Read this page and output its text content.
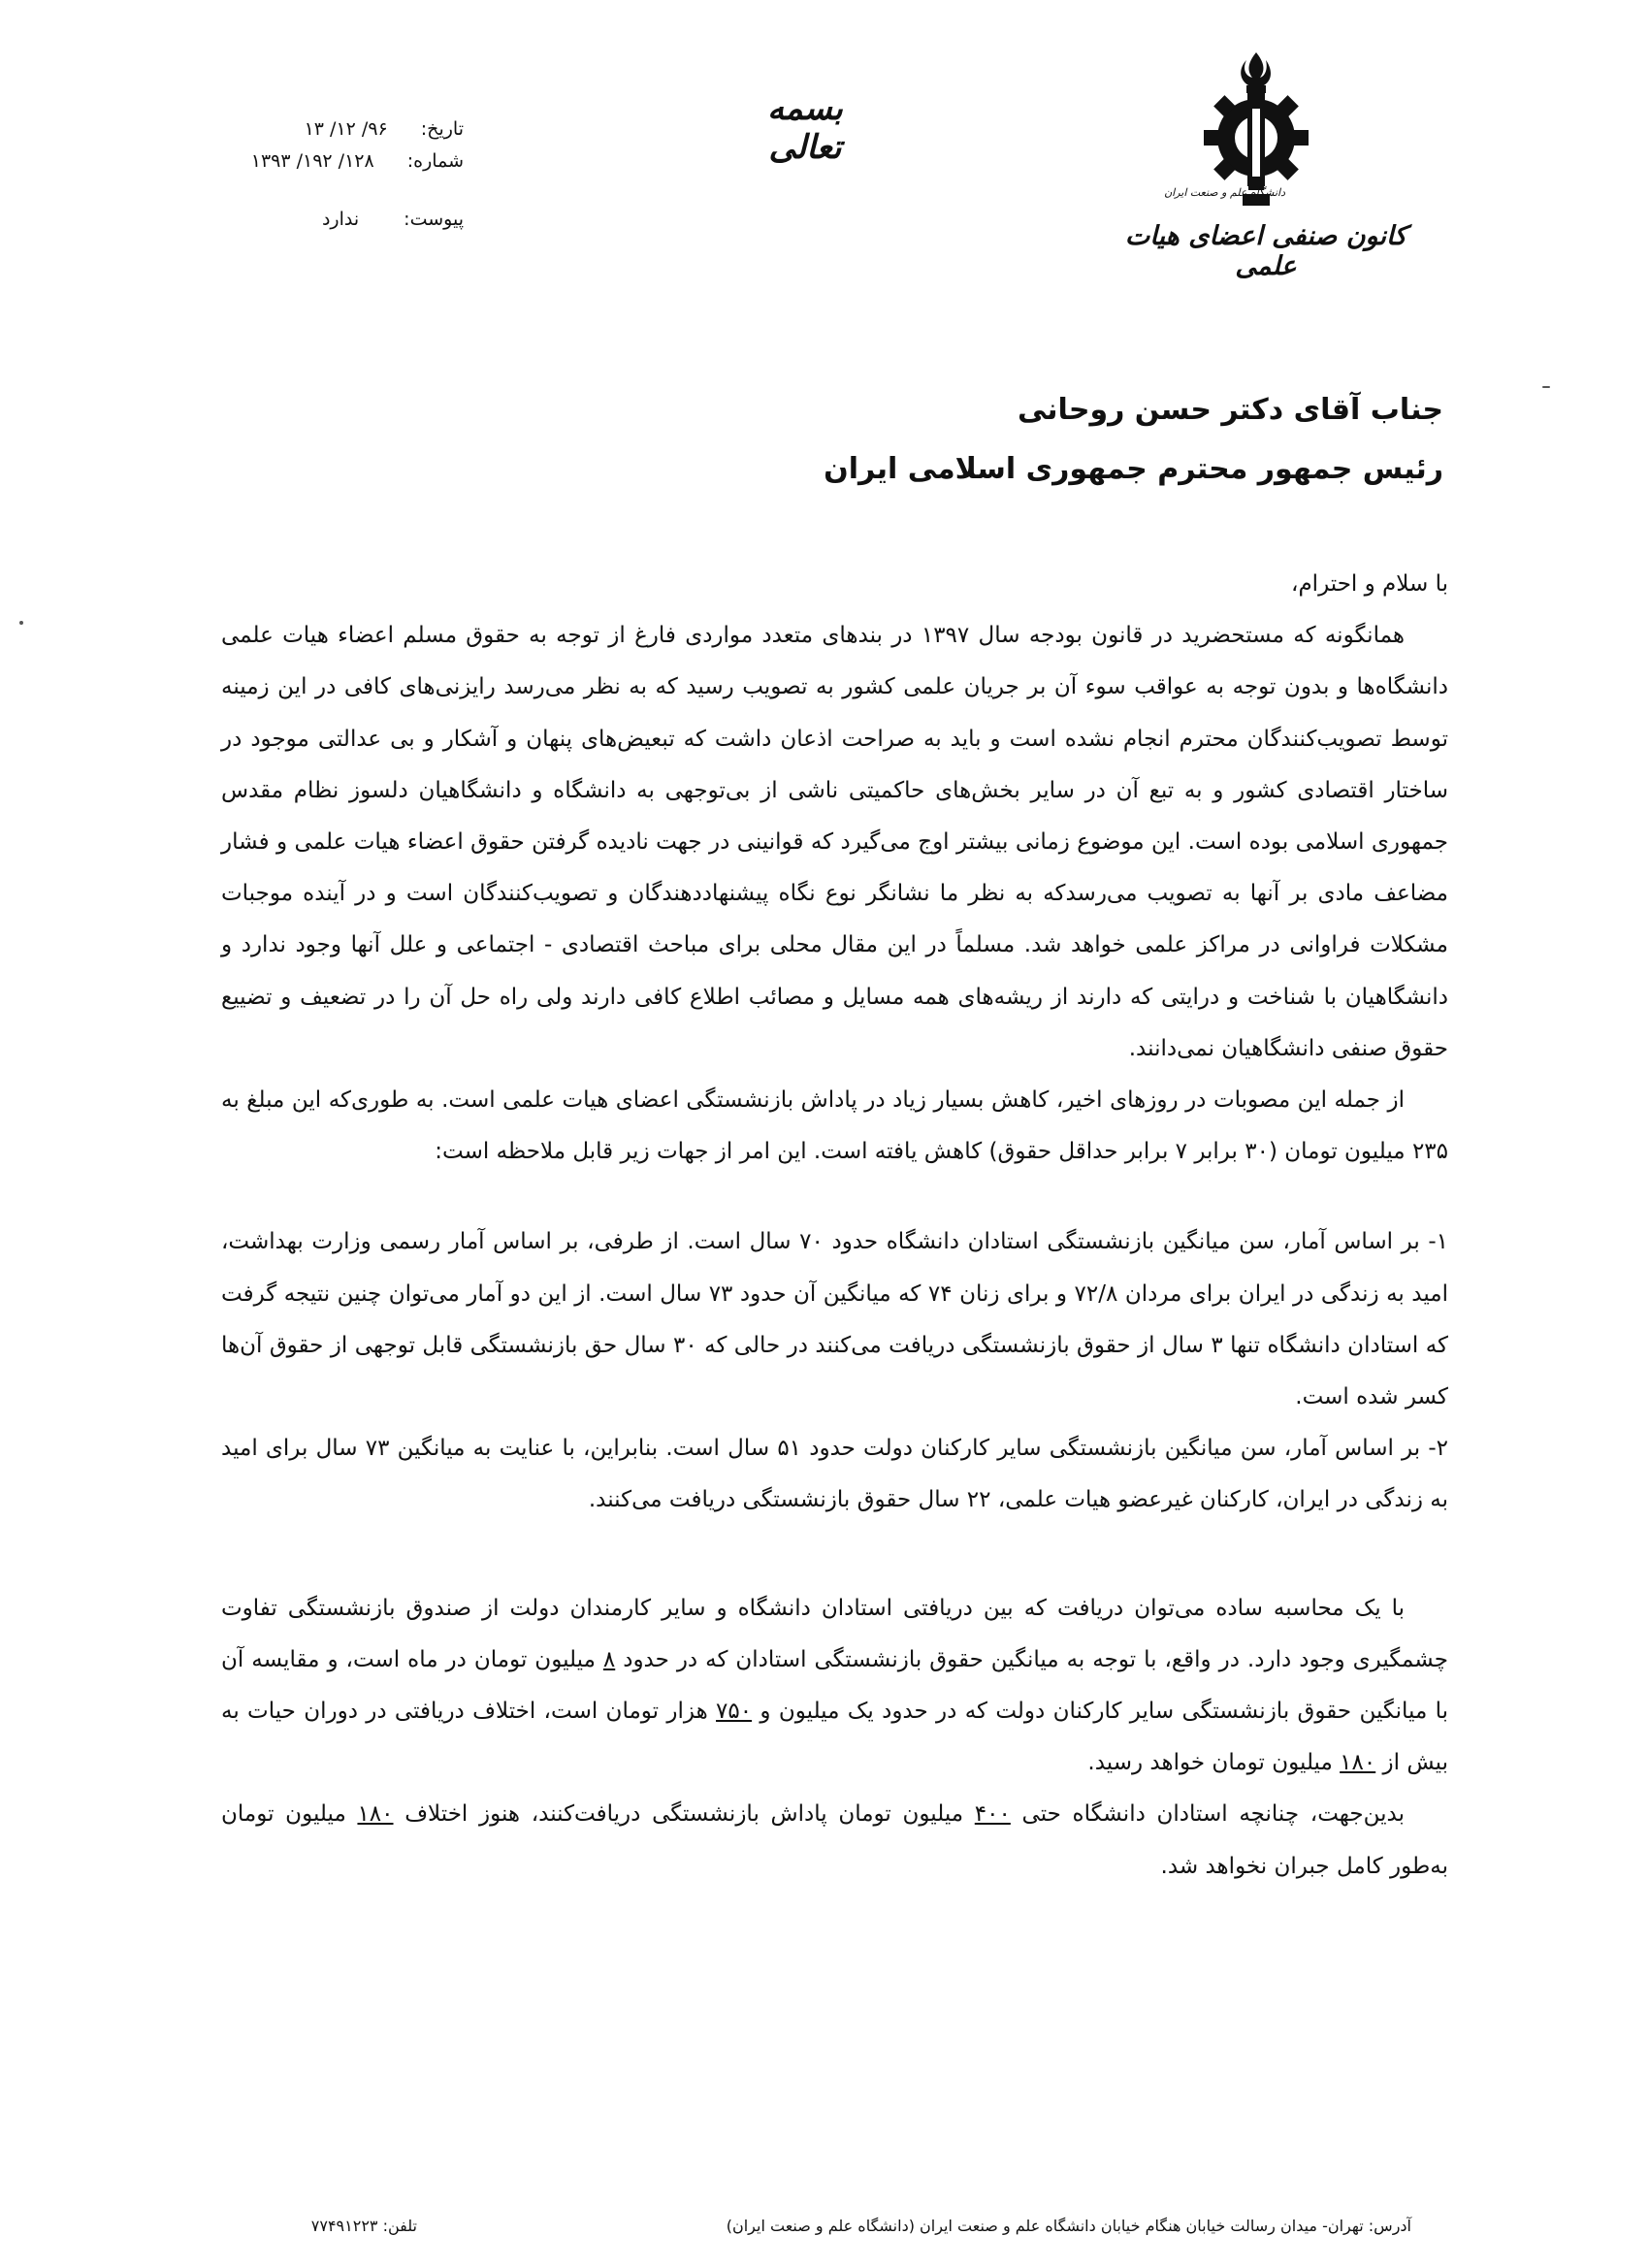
تاریخ: ۹۶/ ۱۲/ ۱۳
شماره: ۱۲۸/ ۱۹۲/ ۱۳۹۳
پیوست: ندارد
بسمه تعالی
دانشگاه علم و صنعت ایران
کانون صنفی اعضای هیات علمی
جناب آقای دکتر حسن روحانی
رئیس جمهور محترم جمهوری اسلامی ایران

با سلام و احترام،

همانگونه که مستحضرید در قانون بودجه سال ۱۳۹۷ در بندهای متعدد مواردی فارغ از توجه به حقوق مسلم اعضاء هیات علمی دانشگاه‌ها و بدون توجه به عواقب سوء آن بر جریان علمی کشور به تصویب رسید که به نظر می‌رسد رایزنی‌های کافی در این زمینه توسط تصویب‌کنندگان محترم انجام نشده است و باید به صراحت اذعان داشت که تبعیض‌های پنهان و آشکار و بی عدالتی موجود در ساختار اقتصادی کشور و به تبع آن در سایر بخش‌های حاکمیتی ناشی از بی‌توجهی به دانشگاه و دانشگاهیان دلسوز نظام مقدس جمهوری اسلامی بوده است. این موضوع زمانی بیشتر اوج می‌گیرد که قوانینی در جهت نادیده گرفتن حقوق اعضاء هیات علمی و فشار مضاعف مادی بر آنها به تصویب می‌رسدکه به نظر ما نشانگر نوع نگاه پیشنهاددهندگان و تصویب‌کنندگان است و در آینده موجبات مشکلات فراوانی در مراکز علمی خواهد شد. مسلماً در این مقال محلی برای مباحث اقتصادی - اجتماعی و علل آنها وجود ندارد و دانشگاهیان با شناخت و درایتی که دارند از ریشه‌های همه مسایل و مصائب اطلاع کافی دارند ولی راه حل آن را در تضعیف و تضییع حقوق صنفی دانشگاهیان نمی‌دانند.

از جمله این مصوبات در روزهای اخیر، کاهش بسیار زیاد در پاداش بازنشستگی اعضای هیات علمی است. به طوری‌که این مبلغ به ۲۳۵ میلیون تومان (۳۰ برابر ۷ برابر حداقل حقوق) کاهش یافته است. این امر از جهات زیر قابل ملاحظه است:

۱- بر اساس آمار، سن میانگین بازنشستگی استادان دانشگاه حدود ۷۰ سال است. از طرفی، بر اساس آمار رسمی وزارت بهداشت، امید به زندگی در ایران برای مردان ۷۲/۸ و برای زنان ۷۴ که میانگین آن حدود ۷۳ سال است. از این دو آمار می‌توان چنین نتیجه گرفت که استادان دانشگاه تنها ۳ سال از حقوق بازنشستگی دریافت می‌کنند در حالی که ۳۰ سال حق بازنشستگی قابل توجهی از حقوق آن‌ها کسر شده است.

۲- بر اساس آمار، سن میانگین بازنشستگی سایر کارکنان دولت حدود ۵۱ سال است. بنابراین، با عنایت به میانگین ۷۳ سال برای امید به زندگی در ایران، کارکنان غیرعضو هیات علمی، ۲۲ سال حقوق بازنشستگی دریافت می‌کنند.

با یک محاسبه ساده می‌توان دریافت که بین دریافتی استادان دانشگاه و سایر کارمندان دولت از صندوق بازنشستگی تفاوت چشمگیری وجود دارد. در واقع، با توجه به میانگین حقوق بازنشستگی استادان که در حدود ۸ میلیون تومان در ماه است، و مقایسه آن با میانگین حقوق بازنشستگی سایر کارکنان دولت که در حدود یک میلیون و ۷۵۰ هزار تومان است، اختلاف دریافتی در دوران حیات به بیش از ۱۸۰ میلیون تومان خواهد رسید.

بدین‌جهت، چنانچه استادان دانشگاه حتی ۴۰۰ میلیون تومان پاداش بازنشستگی دریافت‌کنند، هنوز اختلاف ۱۸۰ میلیون تومان به‌طور کامل جبران نخواهد شد.

آدرس: تهران- میدان رسالت خیابان هنگام خیابان دانشگاه علم و صنعت ایران (دانشگاه علم و صنعت ایران)
تلفن: ۷۷۴۹۱۲۲۳
